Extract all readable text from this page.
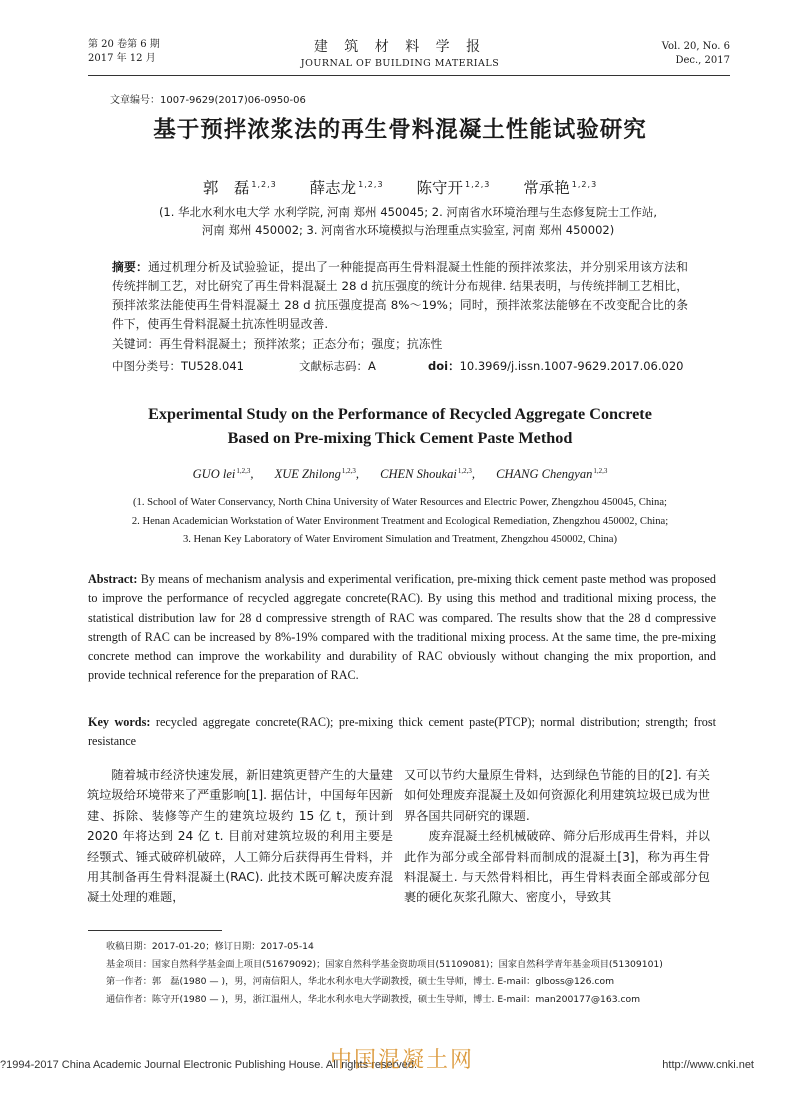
第 20 卷第 6 期
2017 年 12 月
建 筑 材 料 学 报
JOURNAL OF BUILDING MATERIALS
Vol. 20, No. 6
Dec., 2017
文章编号：1007-9629(2017)06-0950-06
基于预拌浓浆法的再生骨料混凝土性能试验研究
郭　磊 $^{1,2,3}$ 薛志龙 $^{1,2,3}$ 陈守开 $^{1,2,3}$ 常承艳 $^{1,2,3}$
(1. 华北水利水电大学 水利学院, 河南 郑州 450045; 2. 河南省水环境治理与生态修复院士工作站,
河南 郑州 450002; 3. 河南省水环境模拟与治理重点实验室, 河南 郑州 450002)
摘要：通过机理分析及试验验证，提出了一种能提高再生骨料混凝土性能的预拌浓浆法，并分别采用该方法和传统拌制工艺，对比研究了再生骨料混凝土 28 d 抗压强度的统计分布规律. 结果表明，与传统拌制工艺相比，预拌浓浆法能使再生骨料混凝土 28 d 抗压强度提高 8%～19%；同时，预拌浓浆法能够在不改变配合比的条件下，使再生骨料混凝土抗冻性明显改善.
关键词：再生骨料混凝土；预拌浓浆；正态分布；强度；抗冻性
中图分类号：TU528.041	文献标志码：A	doi：10.3969/j.issn.1007-9629.2017.06.020
Experimental Study on the Performance of Recycled Aggregate Concrete
Based on Pre-mixing Thick Cement Paste Method
GUO lei$^{1,2,3}$, XUE Zhilong$^{1,2,3}$, CHEN Shoukai$^{1,2,3}$, CHANG Chengyan$^{1,2,3}$
(1. School of Water Conservancy, North China University of Water Resources and Electric Power, Zhengzhou 450045, China;
2. Henan Academician Workstation of Water Environment Treatment and Ecological Remediation, Zhengzhou 450002, China;
3. Henan Key Laboratory of Water Enviroment Simulation and Treatment, Zhengzhou 450002, China)
Abstract: By means of mechanism analysis and experimental verification, pre-mixing thick cement paste method was proposed to improve the performance of recycled aggregate concrete(RAC). By using this method and traditional mixing process, the statistical distribution law for 28 d compressive strength of RAC was compared. The results show that the 28 d compressive strength of RAC can be increased by 8%-19% compared with the traditional mixing process. At the same time, the pre-mixing concrete method can improve the workability and durability of RAC obviously without changing the mix proportion, and provide technical reference for the preparation of RAC.
Key words: recycled aggregate concrete(RAC); pre-mixing thick cement paste(PTCP); normal distribution; strength; frost resistance

随着城市经济快速发展，新旧建筑更替产生的大量建筑垃圾给环境带来了严重影响[1]. 据估计，中国每年因新建、拆除、装修等产生的建筑垃圾约 15 亿 t，预计到 2020 年将达到 24 亿 t. 目前对建筑垃圾的利用主要是经颚式、锤式破碎机破碎，人工筛分后获得再生骨料，并用其制备再生骨料混凝土(RAC). 此技术既可解决废弃混凝土处理的难题，

又可以节约大量原生骨料，达到绿色节能的目的[2]. 有关如何处理废弃混凝土及如何资源化利用建筑垃圾已成为世界各国共同研究的课题.

废弃混凝土经机械破碎、筛分后形成再生骨料，并以此作为部分或全部骨料而制成的混凝土[3]，称为再生骨料混凝土. 与天然骨料相比，再生骨料表面全部或部分包裹的硬化灰浆孔隙大、密度小，导致其

收稿日期：2017-01-20；修订日期：2017-05-14
基金项目：国家自然科学基金面上项目(51679092)；国家自然科学基金资助项目(51109081)；国家自然科学青年基金项目(51309101)
第一作者：郭　磊(1980 — )，男，河南信阳人，华北水利水电大学副教授，硕士生导师，博士. E-mail：glboss@126.com
通信作者：陈守开(1980 — )，男，浙江温州人，华北水利水电大学副教授，硕士生导师，博士. E-mail：man200177@163.com
?1994-2017 China Academic Journal Electronic Publishing House. All rights reserved.	http://www.cnki.net
中国混凝土网
